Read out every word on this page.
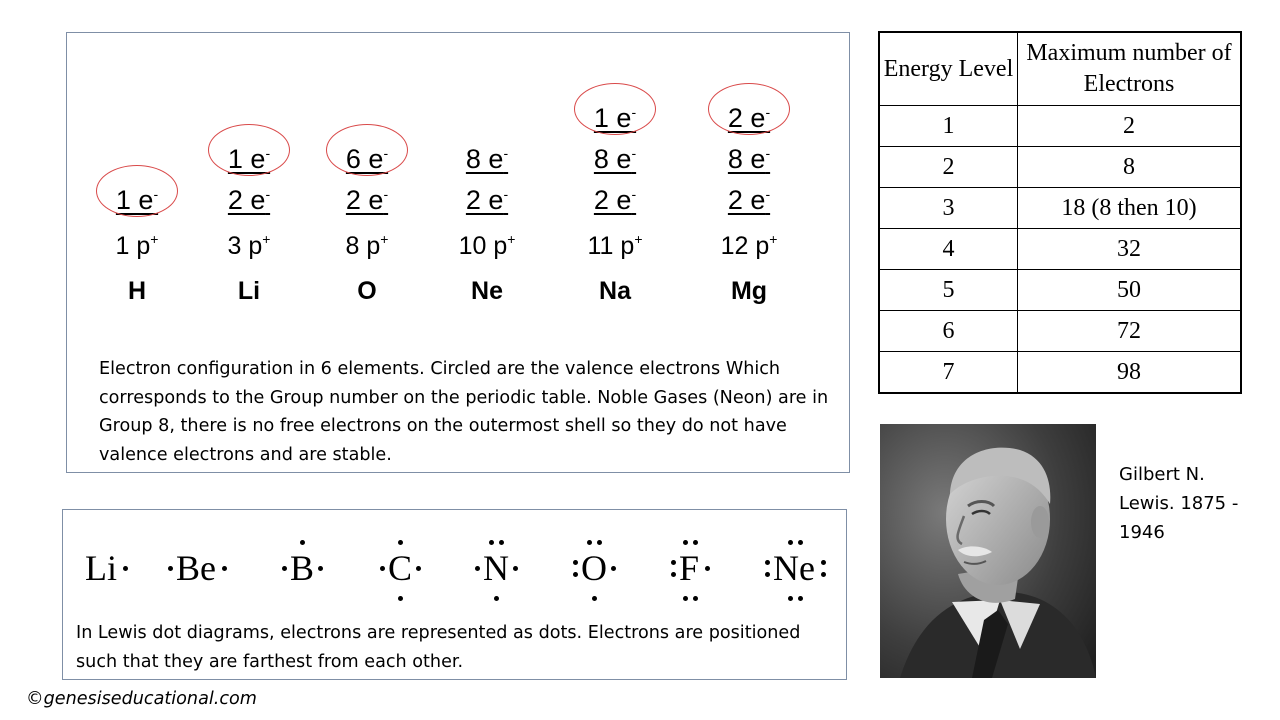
1 e-
1 p+
H
2 e-
1 e-
3 p+
Li
2 e-
6 e-
8 p+
O
2 e-
8 e-
10 p+
Ne
2 e-
8 e-
1 e-
11 p+
Na
2 e-
8 e-
2 e-
12 p+
Mg
Electron configuration in 6 elements. Circled are the valence electrons Which corresponds to the Group number on the periodic table. Noble Gases (Neon) are in Group 8, there is no free electrons on the outermost shell so they do not have valence electrons and are stable.
Energy Level	Maximum number of Electrons
1	2
2	8
3	18 (8 then 10)
4	32
5	50
6	72
7	98
Li Be B C N O F Ne
In Lewis dot diagrams, electrons are represented as dots. Electrons are positioned such that they are farthest from each other.
Gilbert N. Lewis. 1875 - 1946
©genesiseducational.com
